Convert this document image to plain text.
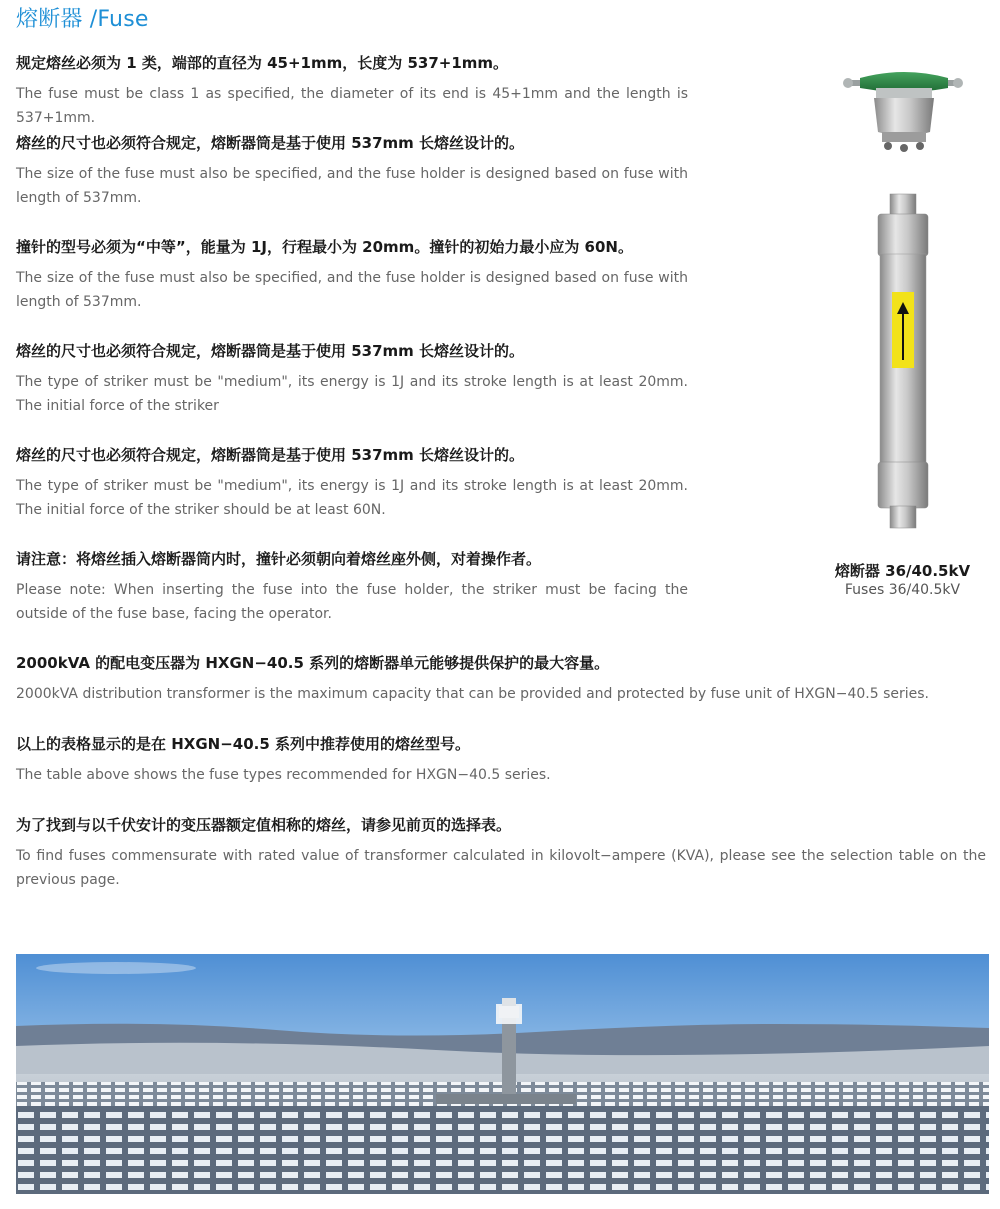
熔断器 /Fuse
规定熔丝必须为 1 类，端部的直径为 45+1mm，长度为 537+1mm。
The fuse must be class 1 as specified, the diameter of its end is 45+1mm and the length is 537+1mm.
熔丝的尺寸也必须符合规定，熔断器筒是基于使用 537mm 长熔丝设计的。
The size of the fuse must also be specified, and the fuse holder is designed based on fuse with length of 537mm.
撞针的型号必须为“中等”，能量为 1J，行程最小为 20mm。撞针的初始力最小应为 60N。
The size of the fuse must also be specified, and the fuse holder is designed based on fuse with length of 537mm.
熔丝的尺寸也必须符合规定，熔断器筒是基于使用 537mm 长熔丝设计的。
The type of striker must be "medium", its energy is 1J and its stroke length is at least 20mm. The initial force of the striker
熔丝的尺寸也必须符合规定，熔断器筒是基于使用 537mm 长熔丝设计的。
The type of striker must be "medium", its energy is 1J and its stroke length is at least 20mm. The initial force of the striker should be at least 60N.
请注意：将熔丝插入熔断器筒内时，撞针必须朝向着熔丝座外侧，对着操作者。
Please note: When inserting the fuse into the fuse holder, the striker must be facing the outside of the fuse base, facing the operator.
2000kVA 的配电变压器为 HXGN−40.5 系列的熔断器单元能够提供保护的最大容量。
2000kVA distribution transformer is the maximum capacity that can be provided and protected by fuse unit of HXGN−40.5 series.
以上的表格显示的是在 HXGN−40.5 系列中推荐使用的熔丝型号。
The table above shows the fuse types recommended for HXGN−40.5 series.
为了找到与以千伏安计的变压器额定值相称的熔丝，请参见前页的选择表。
To find fuses commensurate with rated value of transformer calculated in kilovolt−ampere (KVA), please see the selection table on the previous page.
熔断器 36/40.5kV
Fuses 36/40.5kV
